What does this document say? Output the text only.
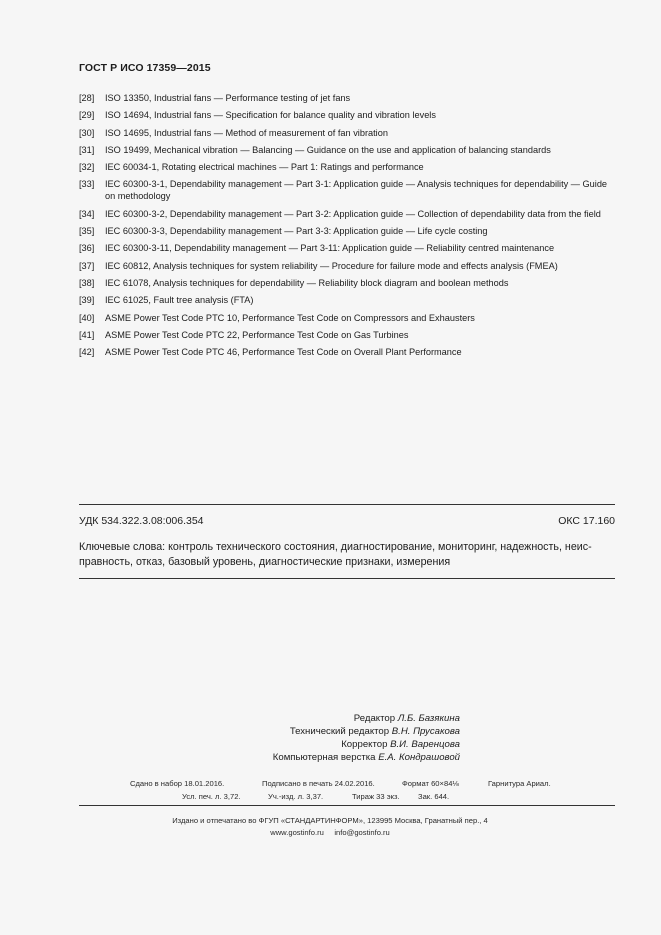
ГОСТ Р ИСО 17359—2015
[28]	ISO 13350, Industrial fans — Performance testing of jet fans
[29]	ISO 14694, Industrial fans — Specification for balance quality and vibration levels
[30]	ISO 14695, Industrial fans — Method of measurement of fan vibration
[31]	ISO 19499, Mechanical vibration — Balancing — Guidance on the use and application of balancing standards
[32]	IEC 60034-1, Rotating electrical machines — Part 1: Ratings and performance
[33]	IEC 60300-3-1, Dependability management — Part 3-1: Application guide — Analysis techniques for dependability — Guide on methodology
[34]	IEC 60300-3-2, Dependability management — Part 3-2: Application guide — Collection of dependability data from the field
[35]	IEC 60300-3-3, Dependability management — Part 3-3: Application guide — Life cycle costing
[36]	IEC 60300-3-11, Dependability management — Part 3-11: Application guide — Reliability centred maintenance
[37]	IEC 60812, Analysis techniques for system reliability — Procedure for failure mode and effects analysis (FMEA)
[38]	IEC 61078, Analysis techniques for dependability — Reliability block diagram and boolean methods
[39]	IEC 61025, Fault tree analysis (FTA)
[40]	ASME Power Test Code PTC 10, Performance Test Code on Compressors and Exhausters
[41]	ASME Power Test Code PTC 22, Performance Test Code on Gas Turbines
[42]	ASME Power Test Code PTC 46, Performance Test Code on Overall Plant Performance
УДК 534.322.3.08:006.354	ОКС 17.160
Ключевые слова: контроль технического состояния, диагностирование, мониторинг, надежность, неис-правность, отказ, базовый уровень, диагностические признаки, измерения
Редактор Л.Б. Базякина
Технический редактор В.Н. Прусакова
Корректор В.И. Варенцова
Компьютерная верстка Е.А. Кондрашовой
Сдано в набор 18.01.2016.	Подписано в печать 24.02.2016.	Формат 60×84⅛	Гарнитура Ариал.
Усл. печ. л. 3,72.	Уч.-изд. л. 3,37.	Тираж 33 экз.	Зак. 644.
Издано и отпечатано во ФГУП «СТАНДАРТИНФОРМ», 123995 Москва, Гранатный пер., 4
www.gostinfo.ru     info@gostinfo.ru
